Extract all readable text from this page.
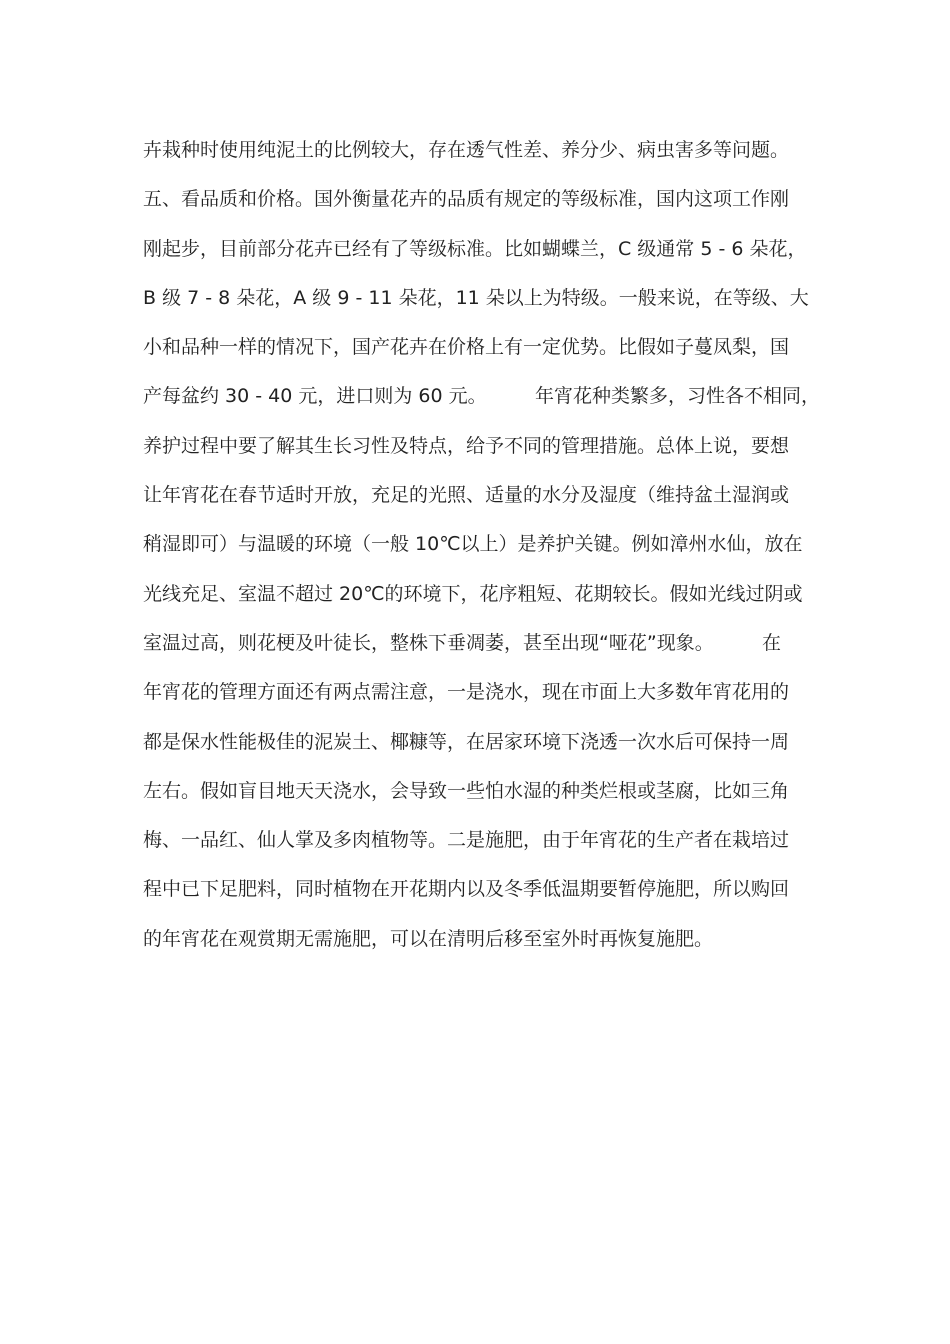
卉栽种时使用纯泥土的比例较大，存在透气性差、养分少、病虫害多等问题。
五、看品质和价格。国外衡量花卉的品质有规定的等级标准，国内这项工作刚
刚起步，目前部分花卉已经有了等级标准。比如蝴蝶兰，C 级通常 5 - 6 朵花，
B 级 7 - 8 朵花，A 级 9 - 11 朵花，11 朵以上为特级。一般来说，在等级、大
小和品种一样的情况下，国产花卉在价格上有一定优势。比假如子蔓凤梨，国
产每盆约 30 - 40 元，进口则为 60 元。        年宵花种类繁多，习性各不相同，
养护过程中要了解其生长习性及特点，给予不同的管理措施。总体上说，要想
让年宵花在春节适时开放，充足的光照、适量的水分及湿度（维持盆土湿润或
稍湿即可）与温暖的环境（一般 10℃以上）是养护关键。例如漳州水仙，放在
光线充足、室温不超过 20℃的环境下，花序粗短、花期较长。假如光线过阴或
室温过高，则花梗及叶徒长，整株下垂凋萎，甚至出现“哑花”现象。        在
年宵花的管理方面还有两点需注意，一是浇水，现在市面上大多数年宵花用的
都是保水性能极佳的泥炭土、椰糠等，在居家环境下浇透一次水后可保持一周
左右。假如盲目地天天浇水，会导致一些怕水湿的种类烂根或茎腐，比如三角
梅、一品红、仙人掌及多肉植物等。二是施肥，由于年宵花的生产者在栽培过
程中已下足肥料，同时植物在开花期内以及冬季低温期要暂停施肥，所以购回
的年宵花在观赏期无需施肥，可以在清明后移至室外时再恢复施肥。
